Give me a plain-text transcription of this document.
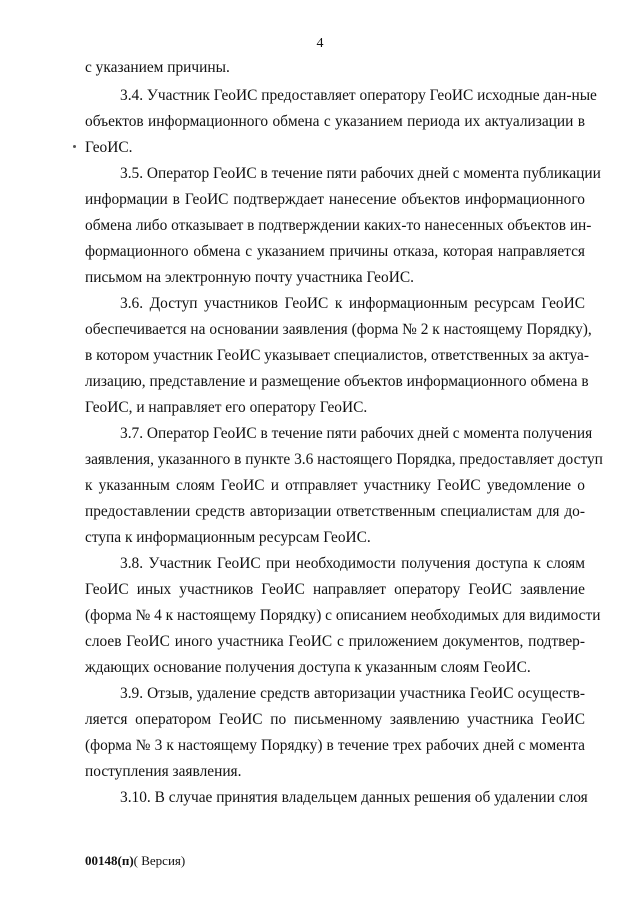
4
с указанием причины.
3.4. Участник ГеоИС предоставляет оператору ГеоИС исходные дан-ные
объектов информационного обмена с указанием периода их актуализации в
ГеоИС.
3.5. Оператор ГеоИС в течение пяти рабочих дней с момента публикации
информации в ГеоИС подтверждает нанесение объектов информационного
обмена либо отказывает в подтверждении каких-то нанесенных объектов ин-
формационного обмена с указанием причины отказа, которая направляется
письмом на электронную почту участника ГеоИС.
3.6. Доступ участников ГеоИС к информационным ресурсам ГеоИС
обеспечивается на основании заявления (форма № 2 к настоящему Порядку),
в котором участник ГеоИС указывает специалистов, ответственных за актуа-
лизацию, представление и размещение объектов информационного обмена в
ГеоИС, и направляет его оператору ГеоИС.
3.7. Оператор ГеоИС в течение пяти рабочих дней с момента получения
заявления, указанного в пункте 3.6 настоящего Порядка, предоставляет доступ
к указанным слоям ГеоИС и отправляет участнику ГеоИС уведомление о
предоставлении средств авторизации ответственным специалистам для до-
ступа к информационным ресурсам ГеоИС.
3.8. Участник ГеоИС при необходимости получения доступа к слоям
ГеоИС иных участников ГеоИС направляет оператору ГеоИС заявление
(форма № 4 к настоящему Порядку) с описанием необходимых для видимости
слоев ГеоИС иного участника ГеоИС с приложением документов, подтвер-
ждающих основание получения доступа к указанным слоям ГеоИС.
3.9. Отзыв, удаление средств авторизации участника ГеоИС осуществ-
ляется оператором ГеоИС по письменному заявлению участника ГеоИС
(форма № 3 к настоящему Порядку) в течение трех рабочих дней с момента
поступления заявления.
3.10. В случае принятия владельцем данных решения об удалении слоя
00148(п)( Версия)
